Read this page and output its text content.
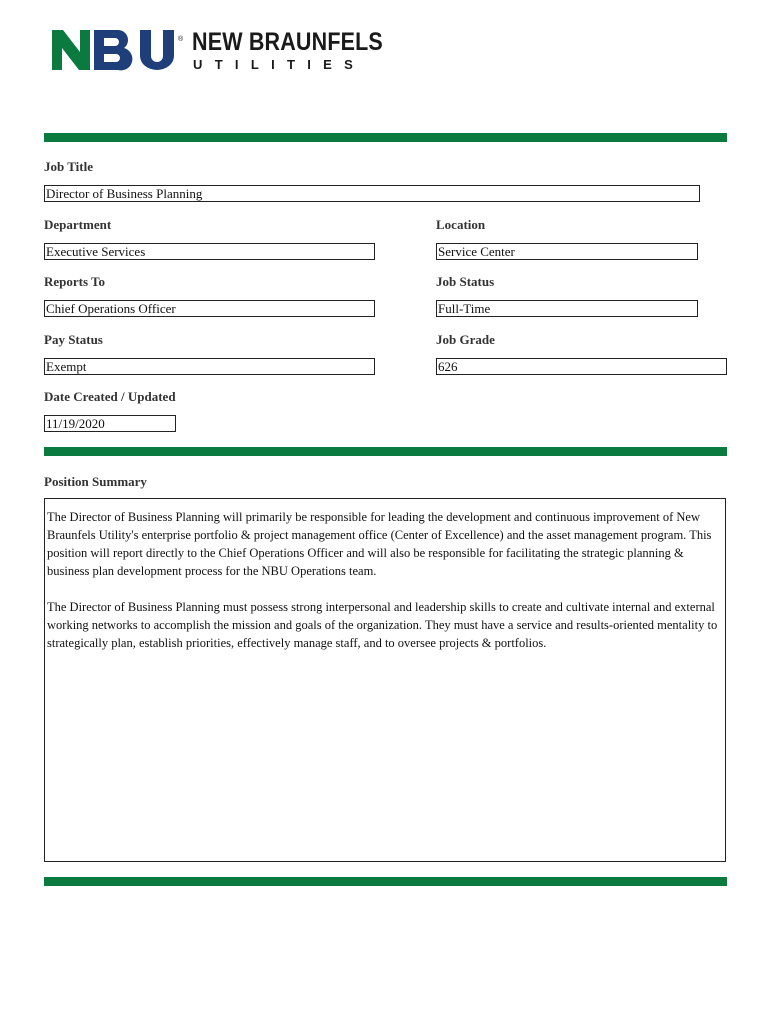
® NEW BRAUNFELS
UTILITIES
Job Title
Director of Business Planning
Department
Executive Services
Location
Service Center
Reports To
Chief Operations Officer
Job Status
Full-Time
Pay Status
Exempt
Job Grade
626
Date Created / Updated
11/19/2020
Position Summary

The Director of Business Planning will primarily be responsible for leading the development and continuous improvement of New Braunfels Utility's enterprise portfolio & project management office (Center of Excellence) and the asset management program. This position will report directly to the Chief Operations Officer and will also be responsible for facilitating the strategic planning & business plan development process for the NBU Operations team.

The Director of Business Planning must possess strong interpersonal and leadership skills to create and cultivate internal and external working networks to accomplish the mission and goals of the organization. They must have a service and results-oriented mentality to strategically plan, establish priorities, effectively manage staff, and to oversee projects & portfolios.
